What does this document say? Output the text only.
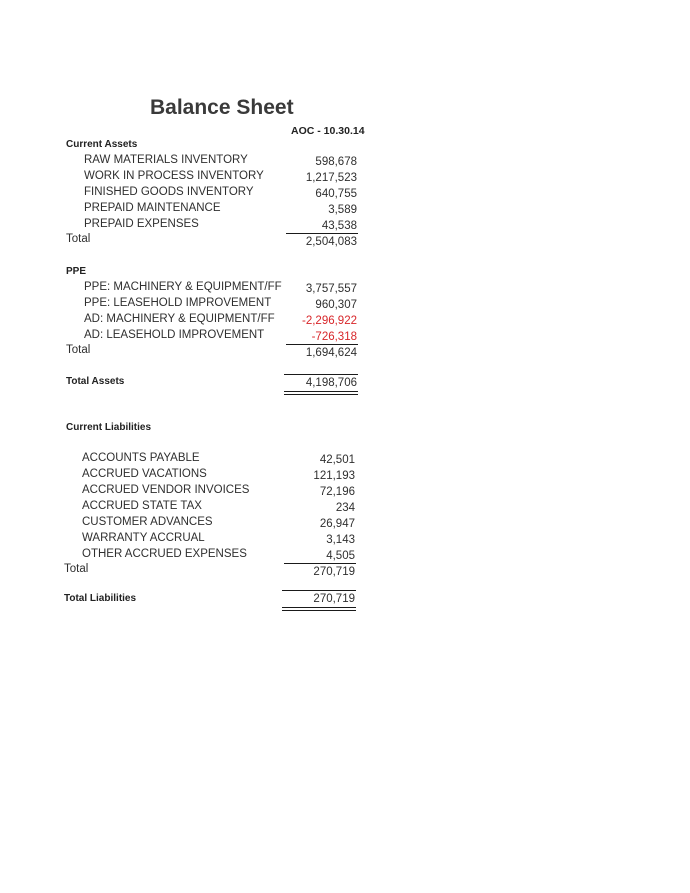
Balance Sheet
AOC - 10.30.14
Current Assets
RAW MATERIALS INVENTORY	598,678
WORK IN PROCESS INVENTORY	1,217,523
FINISHED GOODS INVENTORY	640,755
PREPAID MAINTENANCE	3,589
PREPAID EXPENSES	43,538
Total	2,504,083
PPE
PPE: MACHINERY & EQUIPMENT/FF	3,757,557
PPE: LEASEHOLD IMPROVEMENT	960,307
AD: MACHINERY & EQUIPMENT/FF	-2,296,922
AD: LEASEHOLD IMPROVEMENT	-726,318
Total	1,694,624
Total Assets	4,198,706
Current Liabilities
ACCOUNTS PAYABLE	42,501
ACCRUED VACATIONS	121,193
ACCRUED VENDOR INVOICES	72,196
ACCRUED STATE TAX	234
CUSTOMER ADVANCES	26,947
WARRANTY ACCRUAL	3,143
OTHER ACCRUED EXPENSES	4,505
Total	270,719
Total Liabilities	270,719
